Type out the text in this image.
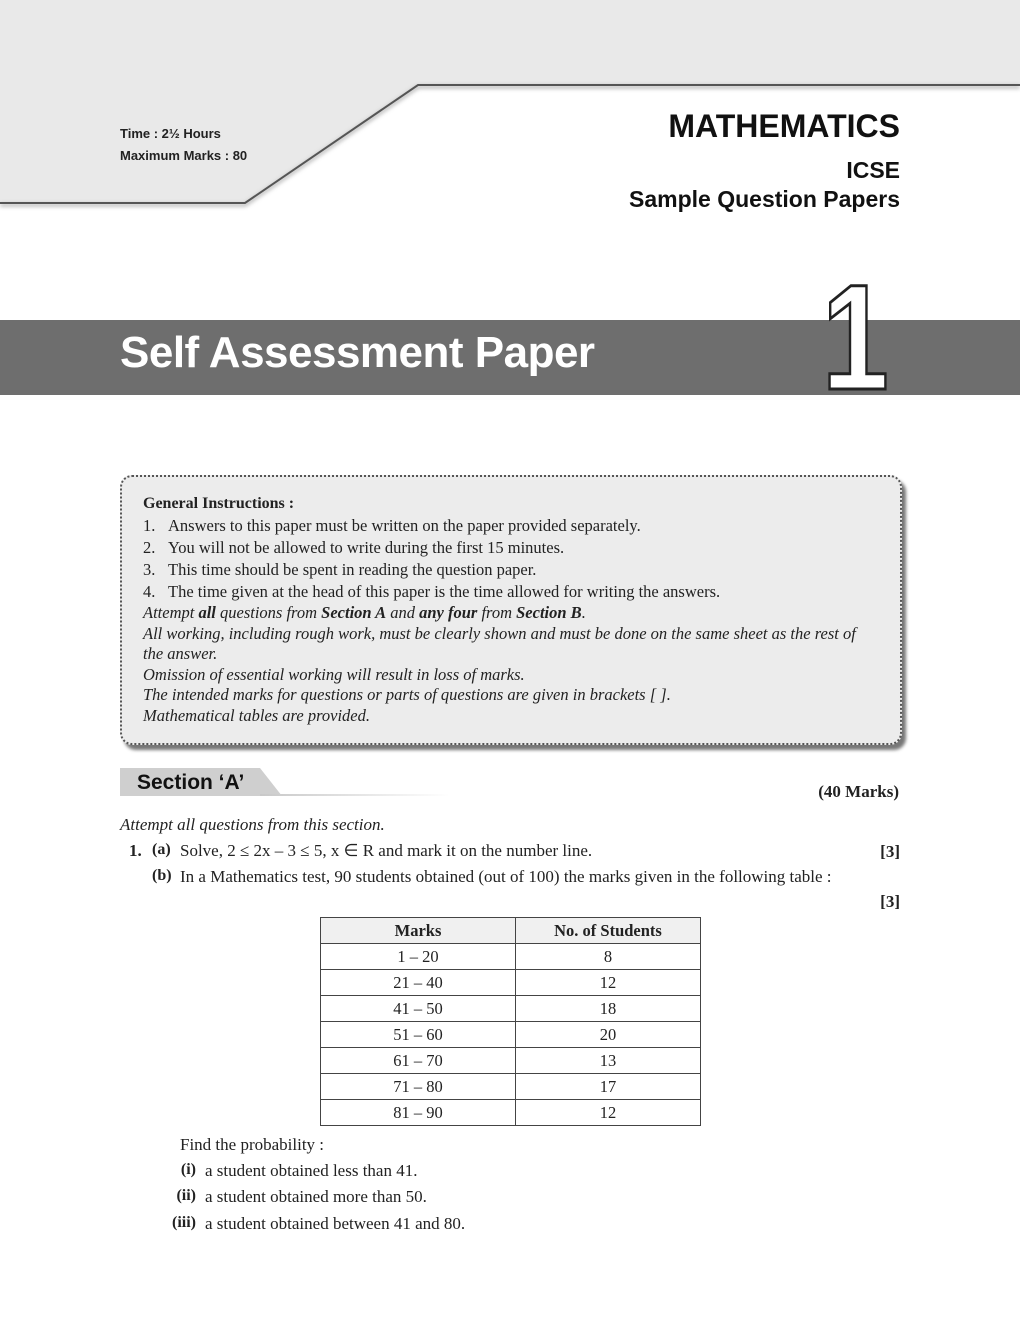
Time : 2½ Hours
Maximum Marks : 80
MATHEMATICS
ICSE
Sample Question Papers
Self Assessment Paper 1
General Instructions :
1. Answers to this paper must be written on the paper provided separately.
2. You will not be allowed to write during the first 15 minutes.
3. This time should be spent in reading the question paper.
4. The time given at the head of this paper is the time allowed for writing the answers.
Attempt all questions from Section A and any four from Section B.
All working, including rough work, must be clearly shown and must be done on the same sheet as the rest of the answer.
Omission of essential working will result in loss of marks.
The intended marks for questions or parts of questions are given in brackets [ ].
Mathematical tables are provided.
Section ‘A’	(40 Marks)
Attempt all questions from this section.
1. (a) Solve, 2 ≤ 2x – 3 ≤ 5, x ∈ R and mark it on the number line.	[3]
(b) In a Mathematics test, 90 students obtained (out of 100) the marks given in the following table :
[3]
Marks	No. of Students
1 – 20	8
21 – 40	12
41 – 50	18
51 – 60	20
61 – 70	13
71 – 80	17
81 – 90	12
Find the probability :
(i) a student obtained less than 41.
(ii) a student obtained more than 50.
(iii) a student obtained between 41 and 80.
